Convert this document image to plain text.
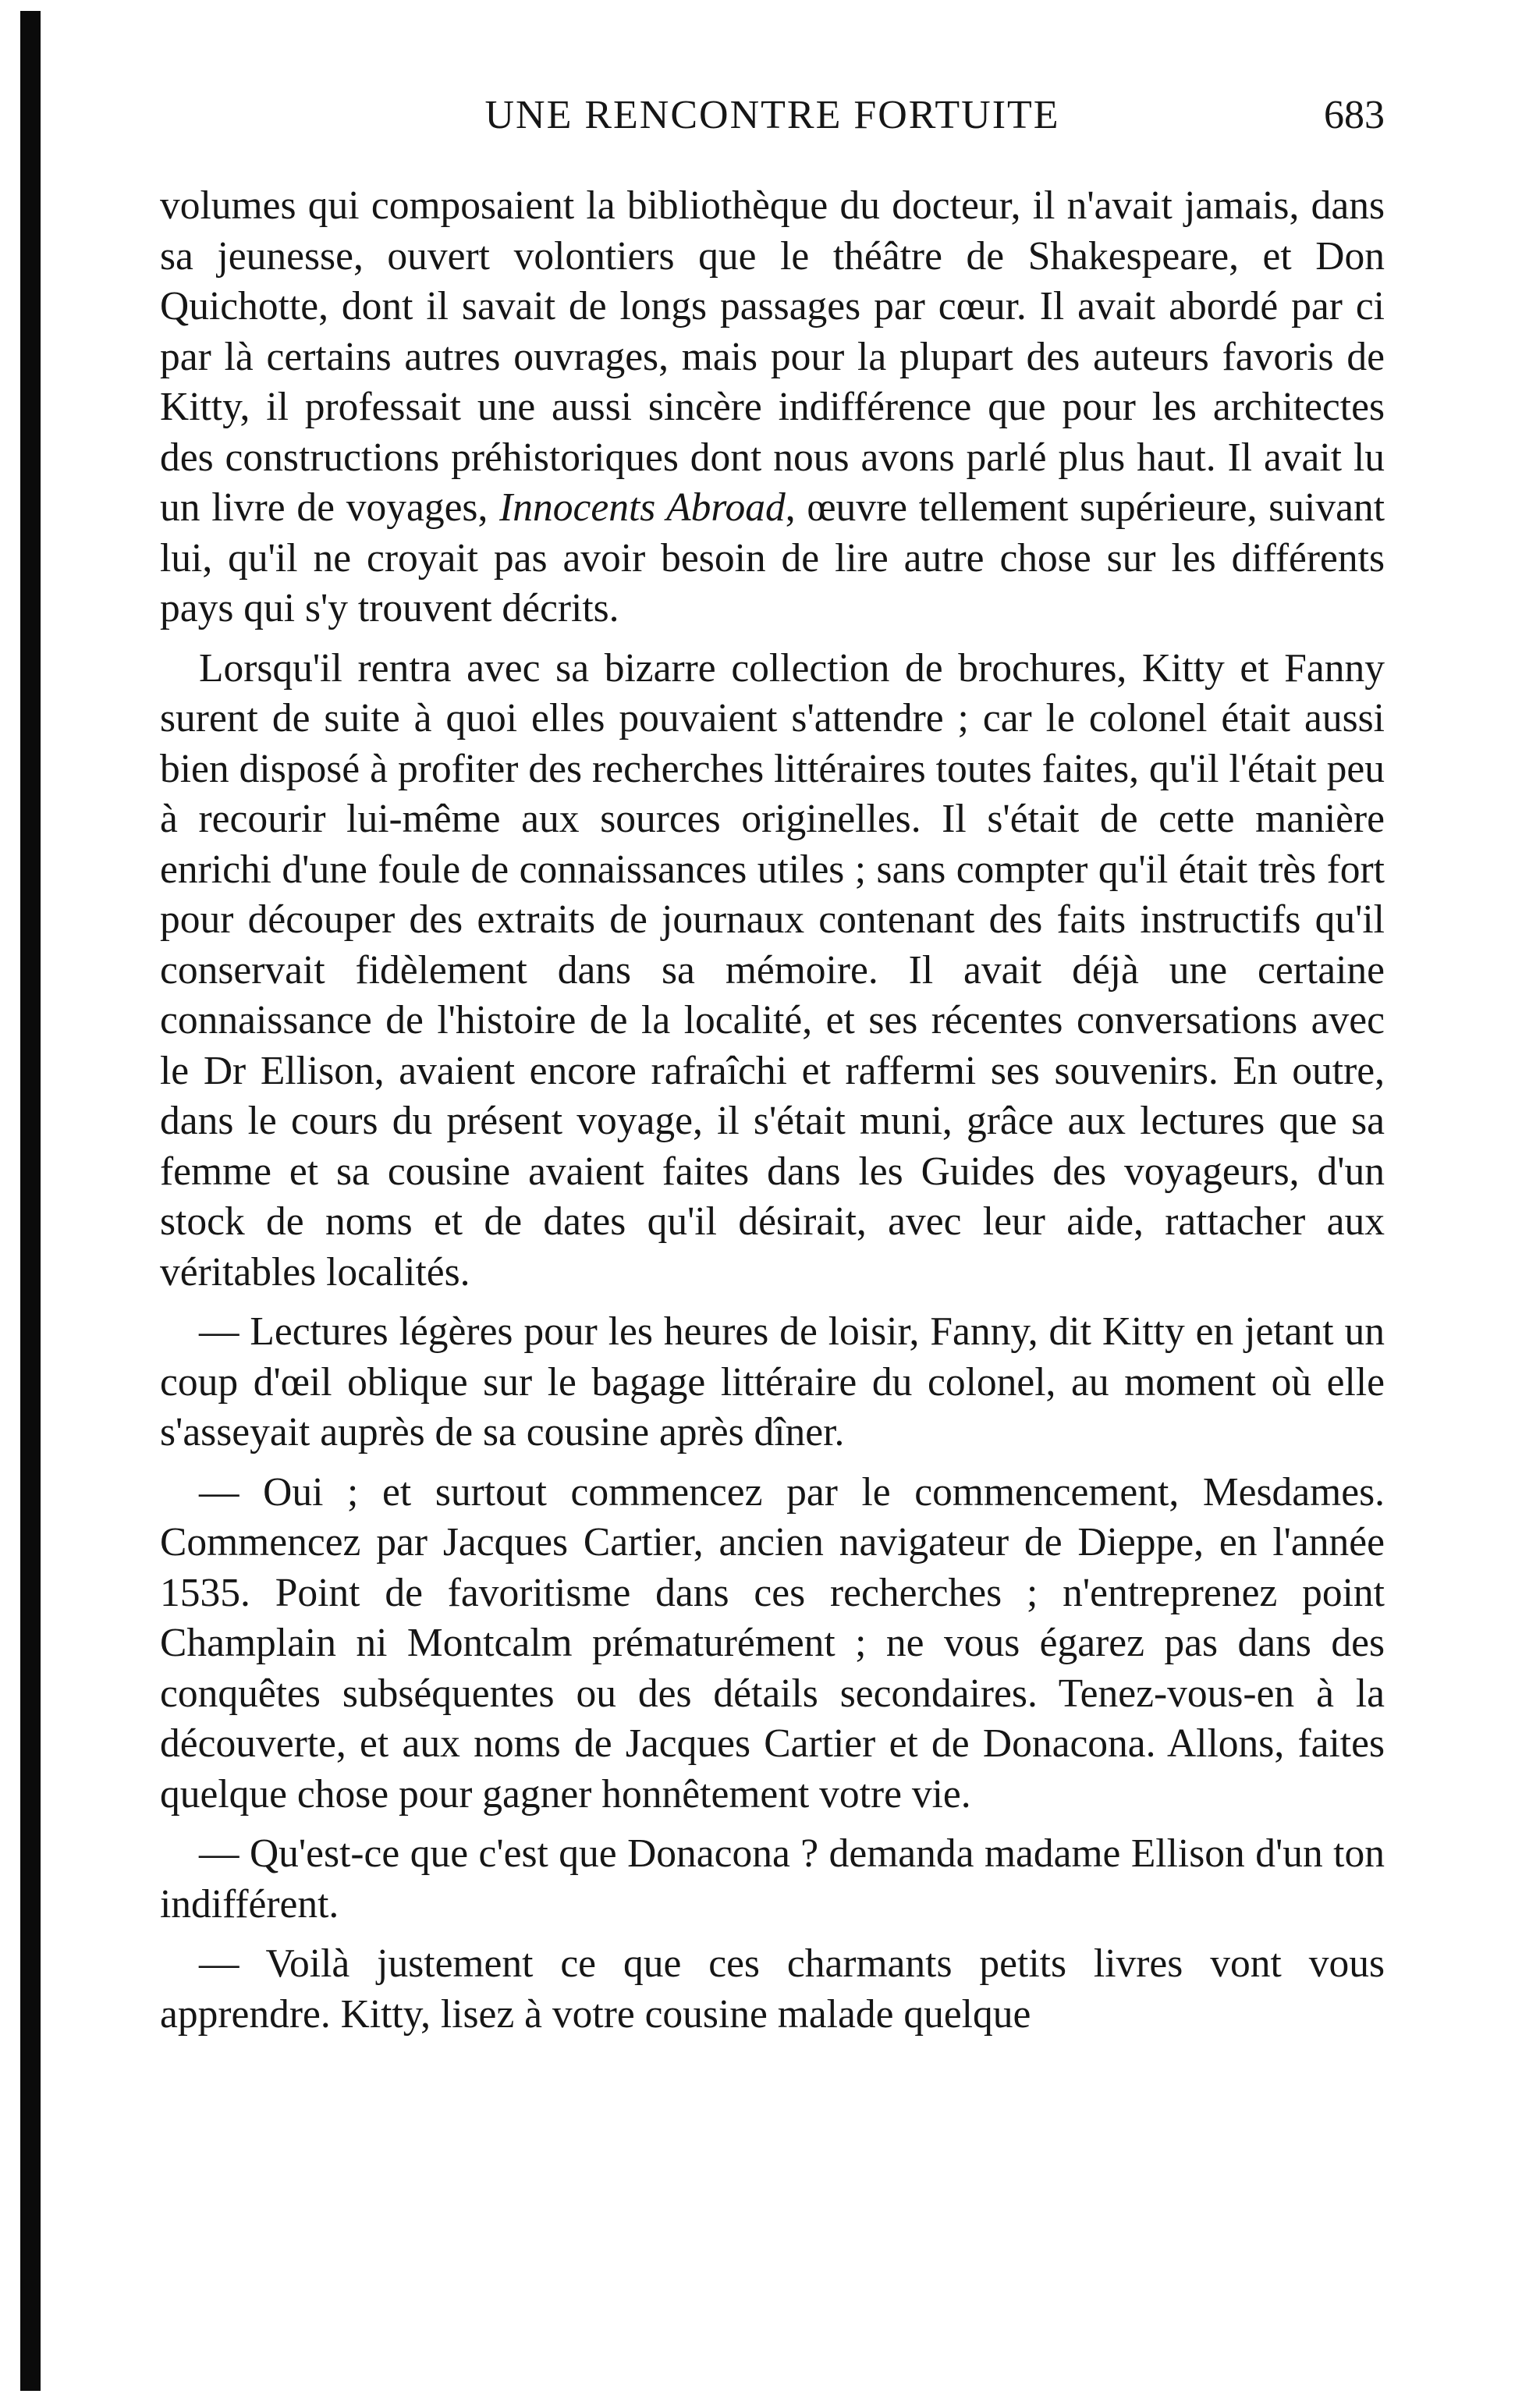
UNE RENCONTRE FORTUITE	683

volumes qui composaient la bibliothèque du docteur, il n'avait jamais, dans sa jeunesse, ouvert volontiers que le théâtre de Shakespeare, et Don Quichotte, dont il savait de longs passages par cœur. Il avait abordé par ci par là certains autres ouvrages, mais pour la plupart des auteurs favoris de Kitty, il professait une aussi sincère indifférence que pour les architectes des constructions préhistoriques dont nous avons parlé plus haut. Il avait lu un livre de voyages, Innocents Abroad, œuvre tellement supérieure, suivant lui, qu'il ne croyait pas avoir besoin de lire autre chose sur les différents pays qui s'y trouvent décrits.

Lorsqu'il rentra avec sa bizarre collection de brochures, Kitty et Fanny surent de suite à quoi elles pouvaient s'attendre ; car le colonel était aussi bien disposé à profiter des recherches littéraires toutes faites, qu'il l'était peu à recourir lui-même aux sources originelles. Il s'était de cette manière enrichi d'une foule de connaissances utiles ; sans compter qu'il était très fort pour découper des extraits de journaux contenant des faits instructifs qu'il conservait fidèlement dans sa mémoire. Il avait déjà une certaine connaissance de l'histoire de la localité, et ses récentes conversations avec le Dr Ellison, avaient encore rafraîchi et raffermi ses souvenirs. En outre, dans le cours du présent voyage, il s'était muni, grâce aux lectures que sa femme et sa cousine avaient faites dans les Guides des voyageurs, d'un stock de noms et de dates qu'il désirait, avec leur aide, rattacher aux véritables localités.

— Lectures légères pour les heures de loisir, Fanny, dit Kitty en jetant un coup d'œil oblique sur le bagage littéraire du colonel, au moment où elle s'asseyait auprès de sa cousine après dîner.

— Oui ; et surtout commencez par le commencement, Mesdames. Commencez par Jacques Cartier, ancien navigateur de Dieppe, en l'année 1535. Point de favoritisme dans ces recherches ; n'entreprenez point Champlain ni Montcalm prématurément ; ne vous égarez pas dans des conquêtes subséquentes ou des détails secondaires. Tenez-vous-en à la découverte, et aux noms de Jacques Cartier et de Donacona. Allons, faites quelque chose pour gagner honnêtement votre vie.

— Qu'est-ce que c'est que Donacona ? demanda madame Ellison d'un ton indifférent.

— Voilà justement ce que ces charmants petits livres vont vous apprendre. Kitty, lisez à votre cousine malade quelque
